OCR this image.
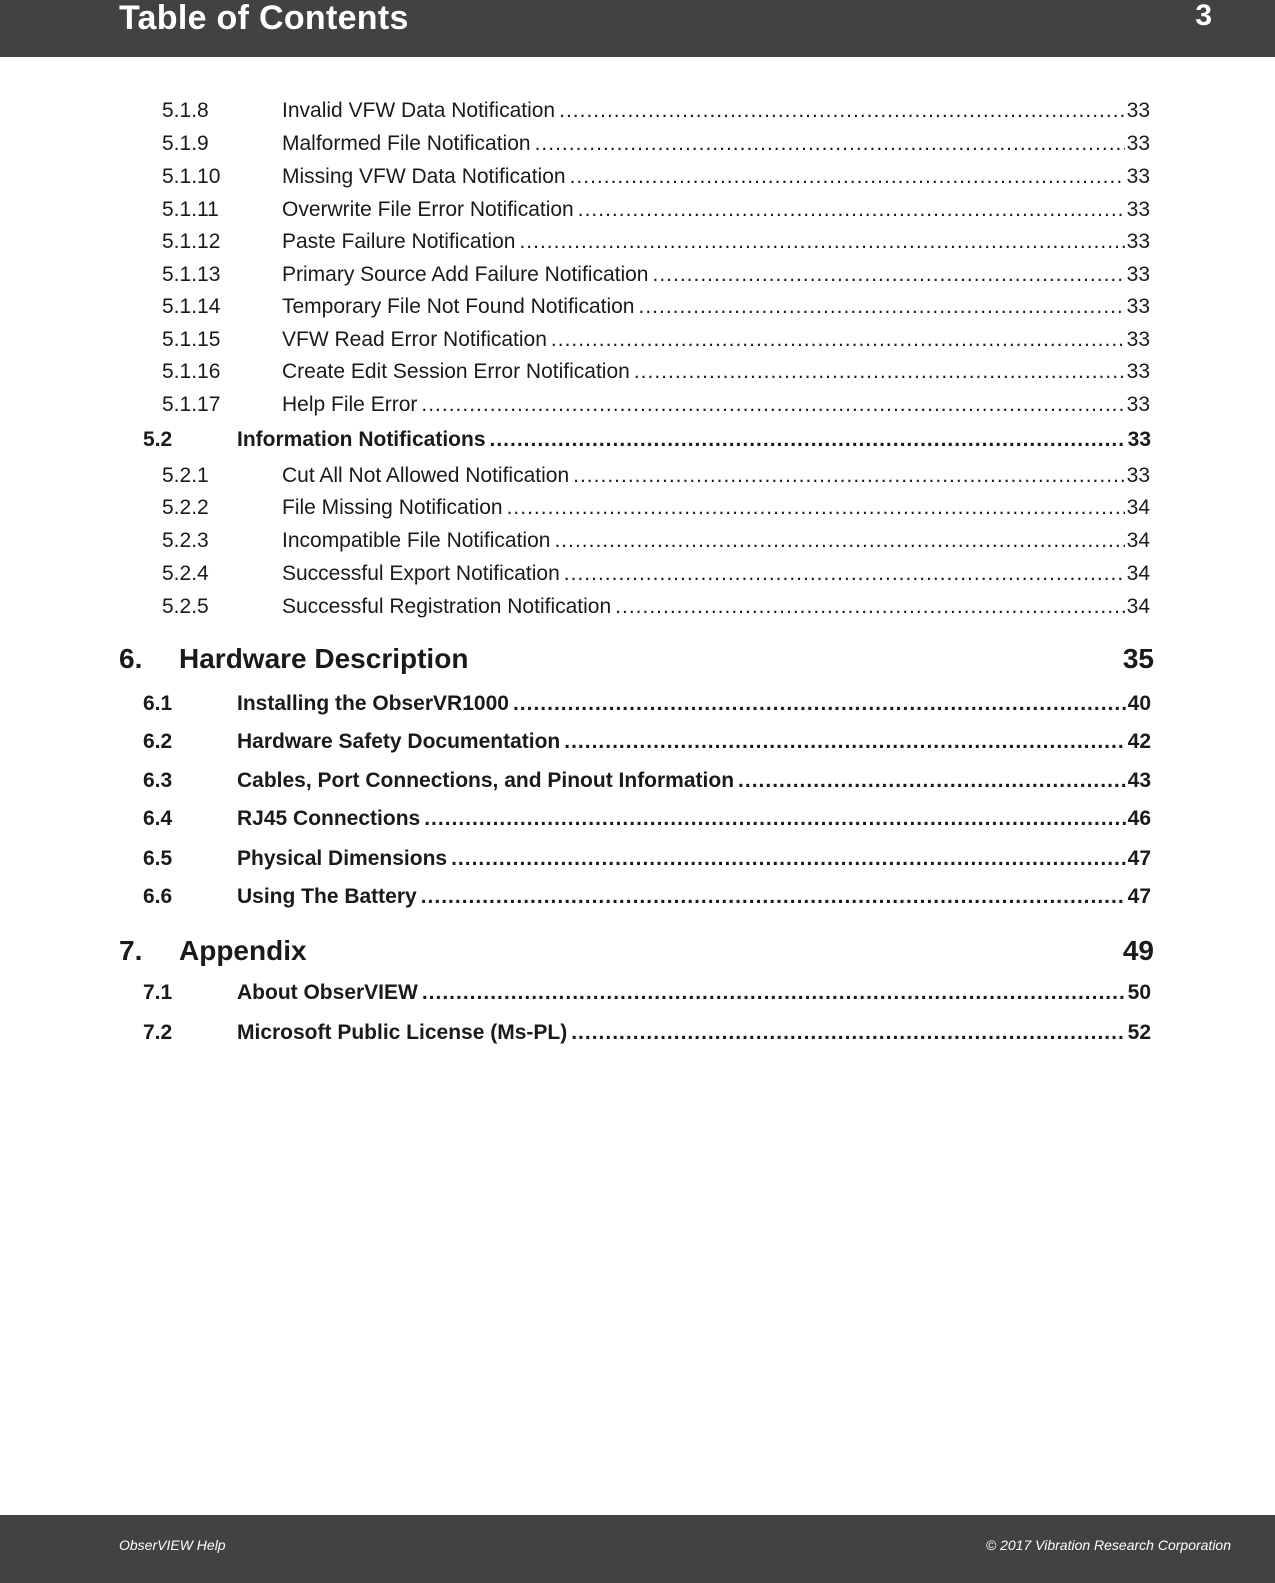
Table of Contents	3
5.1.8	Invalid VFW Data Notification .....	33
5.1.9	Malformed File Notification .....	33
5.1.10	Missing VFW Data Notification .....	33
5.1.11	Overwrite File Error Notification .....	33
5.1.12	Paste Failure Notification .....	33
5.1.13	Primary Source Add Failure Notification .....	33
5.1.14	Temporary File Not Found Notification .....	33
5.1.15	VFW Read Error Notification .....	33
5.1.16	Create Edit Session Error Notification .....	33
5.1.17	Help File Error .....	33
5.2	Information Notifications .....	33
5.2.1	Cut All Not Allowed Notification .....	33
5.2.2	File Missing Notification .....	34
5.2.3	Incompatible File Notification .....	34
5.2.4	Successful Export Notification .....	34
5.2.5	Successful Registration Notification .....	34
6.	Hardware Description	35
6.1	Installing the ObserVR1000 .....	40
6.2	Hardware Safety Documentation .....	42
6.3	Cables, Port Connections, and Pinout Information .....	43
6.4	RJ45 Connections .....	46
6.5	Physical Dimensions .....	47
6.6	Using The Battery .....	47
7.	Appendix	49
7.1	About ObserVIEW .....	50
7.2	Microsoft Public License (Ms-PL) .....	52
ObserVIEW Help	© 2017 Vibration Research Corporation
